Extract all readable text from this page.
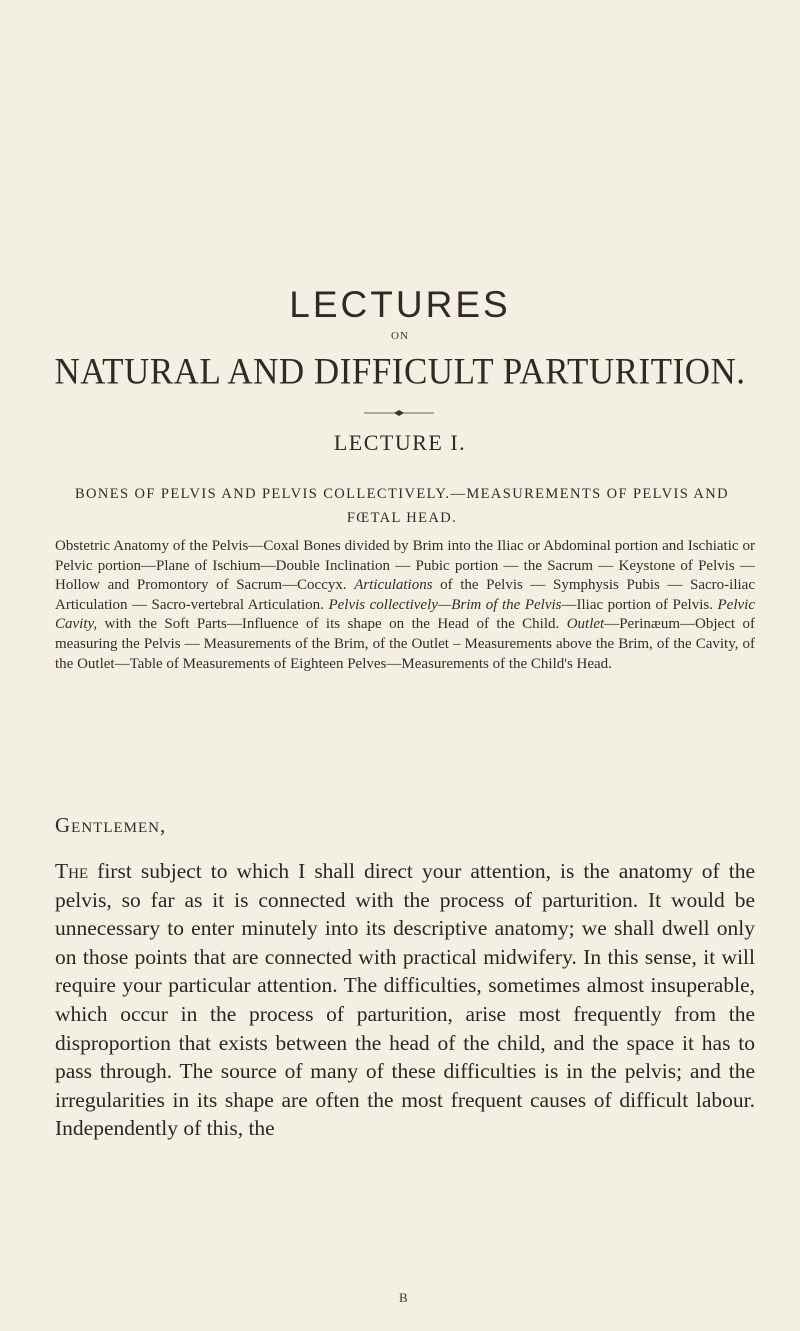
LECTURES
ON
NATURAL AND DIFFICULT PARTURITION.
LECTURE I.
BONES OF PELVIS AND PELVIS COLLECTIVELY.—MEASUREMENTS OF PELVIS AND FŒTAL HEAD.
Obstetric Anatomy of the Pelvis—Coxal Bones divided by Brim into the Iliac or Abdominal portion and Ischiatic or Pelvic portion—Plane of Ischium—Double Inclination — Pubic portion — the Sacrum — Keystone of Pelvis — Hollow and Promontory of Sacrum—Coccyx. Articulations of the Pelvis — Symphysis Pubis — Sacro-iliac Articulation — Sacro-vertebral Articulation. Pelvis collectively—Brim of the Pelvis—Iliac portion of Pelvis. Pelvic Cavity, with the Soft Parts—Influence of its shape on the Head of the Child. Outlet—Perinæum—Object of measuring the Pelvis — Measurements of the Brim, of the Outlet – Measurements above the Brim, of the Cavity, of the Outlet—Table of Measurements of Eighteen Pelves—Measurements of the Child's Head.
Gentlemen,
The first subject to which I shall direct your attention, is the anatomy of the pelvis, so far as it is connected with the process of parturition. It would be unnecessary to enter minutely into its descriptive anatomy; we shall dwell only on those points that are connected with practical midwifery. In this sense, it will require your particular attention. The difficulties, sometimes almost insuperable, which occur in the process of parturition, arise most frequently from the disproportion that exists between the head of the child, and the space it has to pass through. The source of many of these difficulties is in the pelvis; and the irregularities in its shape are often the most frequent causes of difficult labour. Independently of this, the
B
